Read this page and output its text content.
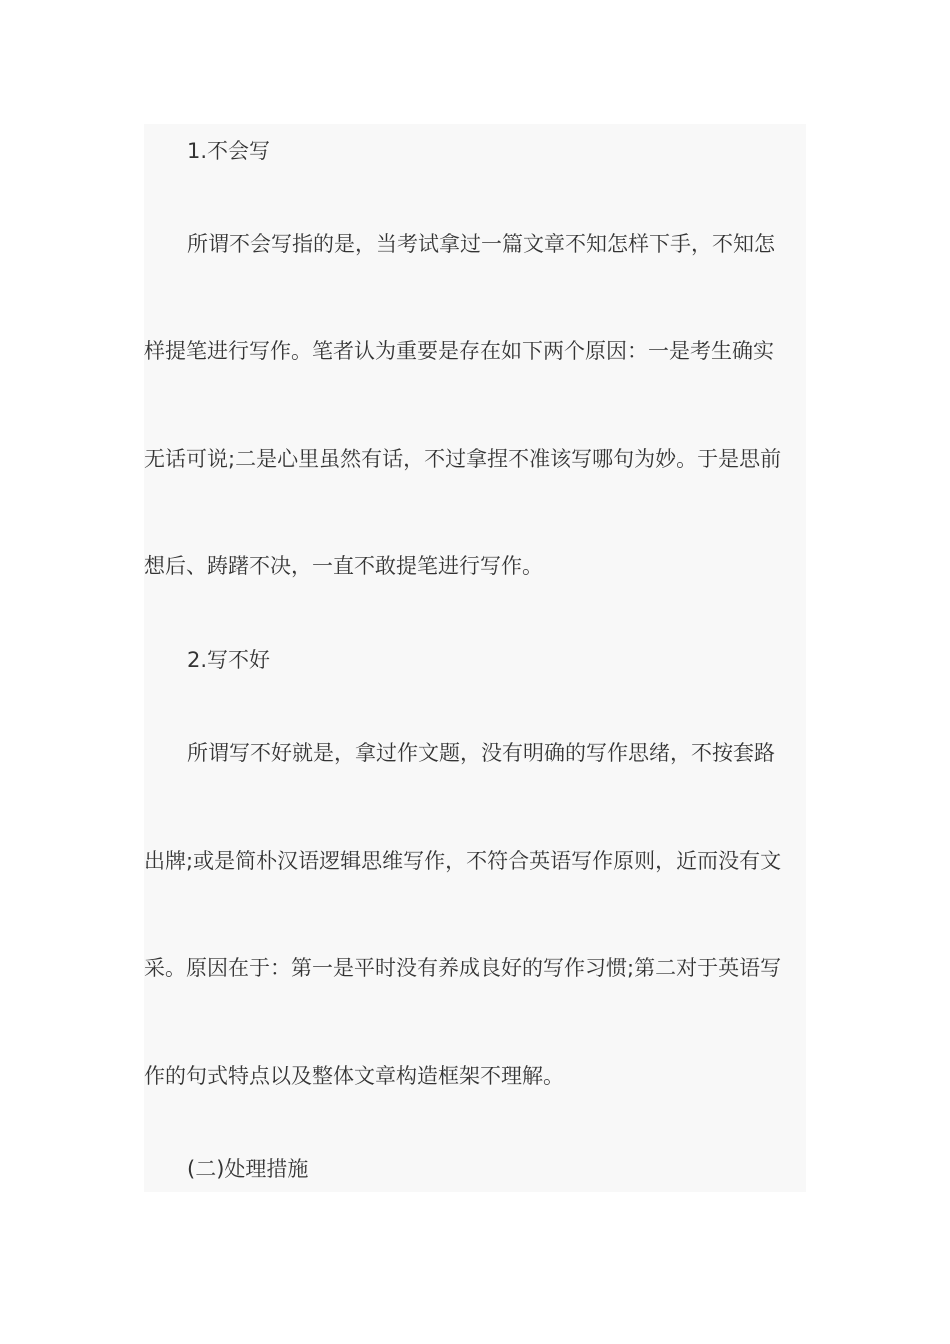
1.不会写
所谓不会写指的是，当考试拿过一篇文章不知怎样下手，不知怎
样提笔进行写作。笔者认为重要是存在如下两个原因：一是考生确实
无话可说;二是心里虽然有话，不过拿捏不准该写哪句为妙。于是思前
想后、踌躇不决，一直不敢提笔进行写作。
2.写不好
所谓写不好就是，拿过作文题，没有明确的写作思绪，不按套路
出牌;或是简朴汉语逻辑思维写作，不符合英语写作原则，近而没有文
采。原因在于：第一是平时没有养成良好的写作习惯;第二对于英语写
作的句式特点以及整体文章构造框架不理解。
(二)处理措施
